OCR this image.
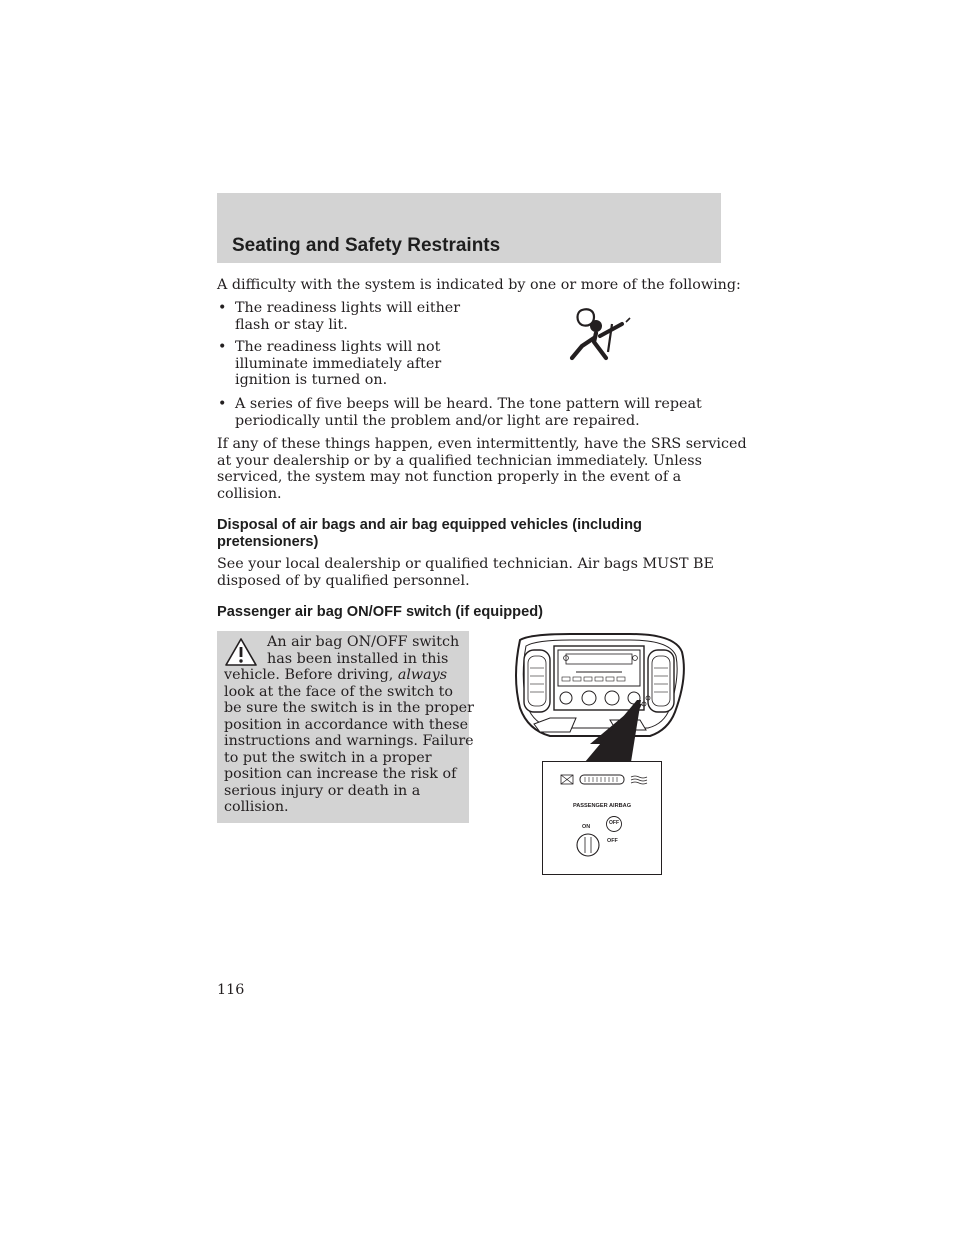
Seating and Safety Restraints
A difficulty with the system is indicated by one or more of the following:
• The readiness lights will either
flash or stay lit.
• The readiness lights will not
illuminate immediately after
ignition is turned on.
• A series of five beeps will be heard. The tone pattern will repeat
periodically until the problem and/or light are repaired.
If any of these things happen, even intermittently, have the SRS serviced
at your dealership or by a qualified technician immediately. Unless
serviced, the system may not function properly in the event of a
collision.
Disposal of air bags and air bag equipped vehicles (including
pretensioners)
See your local dealership or qualified technician. Air bags MUST BE
disposed of by qualified personnel.
Passenger air bag ON/OFF switch (if equipped)
An air bag ON/OFF switch
has been installed in this
vehicle. Before driving, always
look at the face of the switch to
be sure the switch is in the proper
position in accordance with these
instructions and warnings. Failure
to put the switch in a proper
position can increase the risk of
serious injury or death in a
collision.	PASSENGER AIRBAG
ON
OFF
OFF
116
